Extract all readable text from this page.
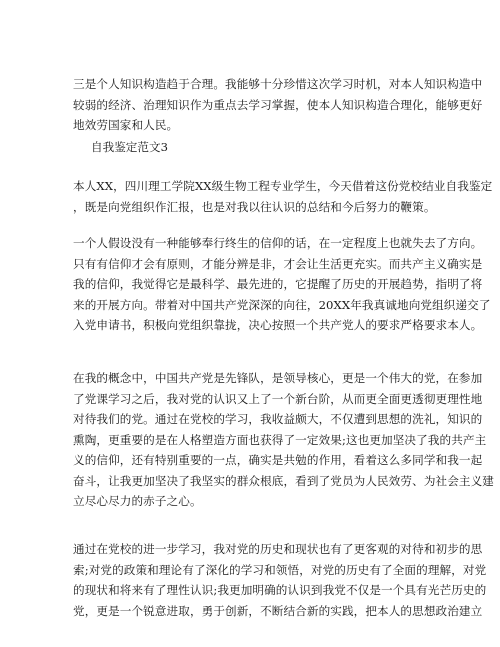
三是个人知识构造趋于合理。我能够十分珍惜这次学习时机，对本人知识构造中
较弱的经济、治理知识作为重点去学习掌握，使本人知识构造合理化，能够更好
地效劳国家和人民。
自我鉴定范文3
本人XX，四川理工学院XX级生物工程专业学生，今天借着这份党校结业自我鉴定
，既是向党组织作汇报，也是对我以往认识的总结和今后努力的鞭策。
一个人假设没有一种能够奉行终生的信仰的话，在一定程度上也就失去了方向。
只有有信仰才会有原则，才能分辨是非，才会让生活更充实。而共产主义确实是
我的信仰，我觉得它是最科学、最先进的，它提醒了历史的开展趋势，指明了将
来的开展方向。带着对中国共产党深深的向往，20XX年我真诚地向党组织递交了
入党申请书，积极向党组织靠拢，决心按照一个共产党人的要求严格要求本人。
在我的概念中，中国共产党是先锋队，是领导核心，更是一个伟大的党，在参加
了党课学习之后，我对党的认识又上了一个新台阶，从而更全面更透彻更理性地
对待我们的党。通过在党校的学习，我收益颇大，不仅遭到思想的洗礼，知识的
熏陶，更重要的是在人格塑造方面也获得了一定效果;这也更加坚决了我的共产主
义的信仰，还有特别重要的一点，确实是共勉的作用，看着这么多同学和我一起
奋斗，让我更加坚决了我坚实的群众根底，看到了党员为人民效劳、为社会主义建
立尽心尽力的赤子之心。
通过在党校的进一步学习，我对党的历史和现状也有了更客观的对待和初步的思
索;对党的政策和理论有了深化的学习和领悟，对党的历史有了全面的理解，对党
的现状和将来有了理性认识;我更加明确的认识到我党不仅是一个具有光芒历史的
党，更是一个锐意进取，勇于创新，不断结合新的实践，把本人的思想政治建立
